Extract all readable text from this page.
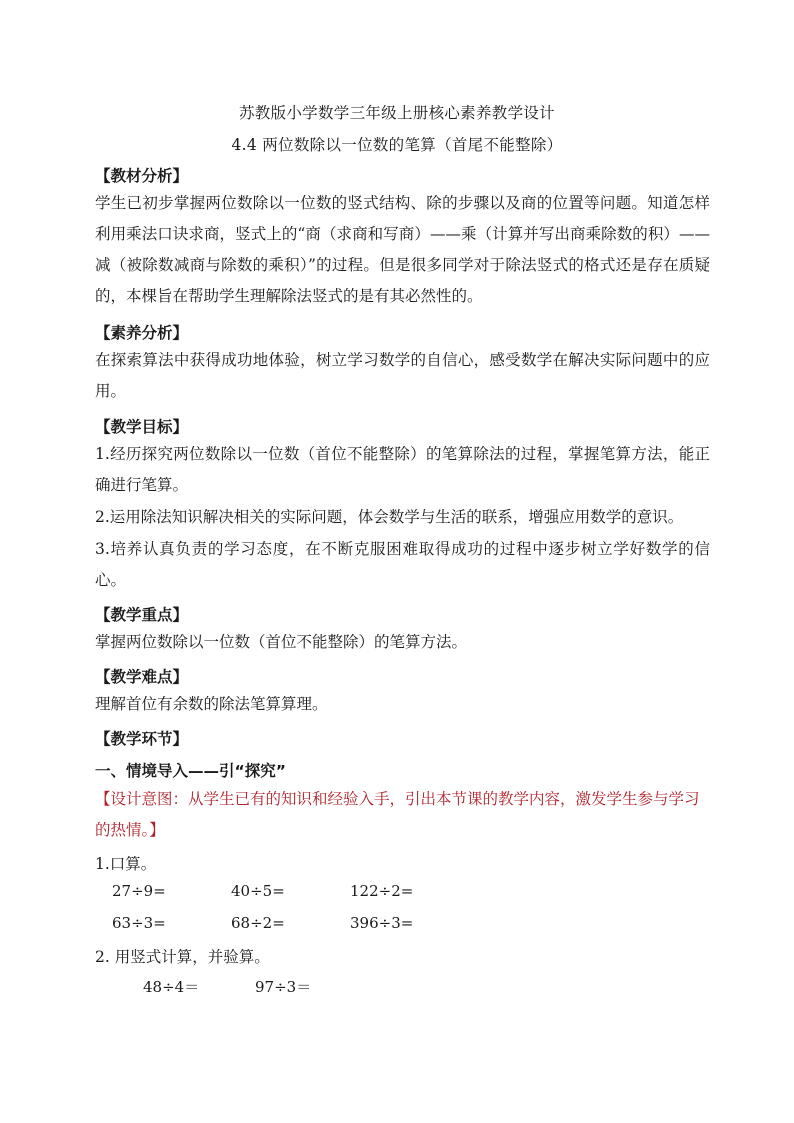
苏教版小学数学三年级上册核心素养教学设计
4.4 两位数除以一位数的笔算（首尾不能整除）
【教材分析】
学生已初步掌握两位数除以一位数的竖式结构、除的步骤以及商的位置等问题。知道怎样利用乘法口诀求商，竖式上的“商（求商和写商）——乘（计算并写出商乘除数的积）——减（被除数减商与除数的乘积）”的过程。但是很多同学对于除法竖式的格式还是存在质疑的，本棵旨在帮助学生理解除法竖式的是有其必然性的。
【素养分析】
在探索算法中获得成功地体验，树立学习数学的自信心，感受数学在解决实际问题中的应用。
【教学目标】
1.经历探究两位数除以一位数（首位不能整除）的笔算除法的过程，掌握笔算方法，能正确进行笔算。
2.运用除法知识解决相关的实际问题，体会数学与生活的联系，增强应用数学的意识。
3.培养认真负责的学习态度，在不断克服困难取得成功的过程中逐步树立学好数学的信心。
【教学重点】
掌握两位数除以一位数（首位不能整除）的笔算方法。
【教学难点】
理解首位有余数的除法笔算算理。
【教学环节】
一、情境导入——引“探究”
【设计意图：从学生已有的知识和经验入手，引出本节课的教学内容，激发学生参与学习的热情。】
1.口算。
27÷9=	40÷5=	122÷2=
63÷3=	68÷2=	396÷3=
2. 用竖式计算，并验算。
48÷4＝	97÷3＝
